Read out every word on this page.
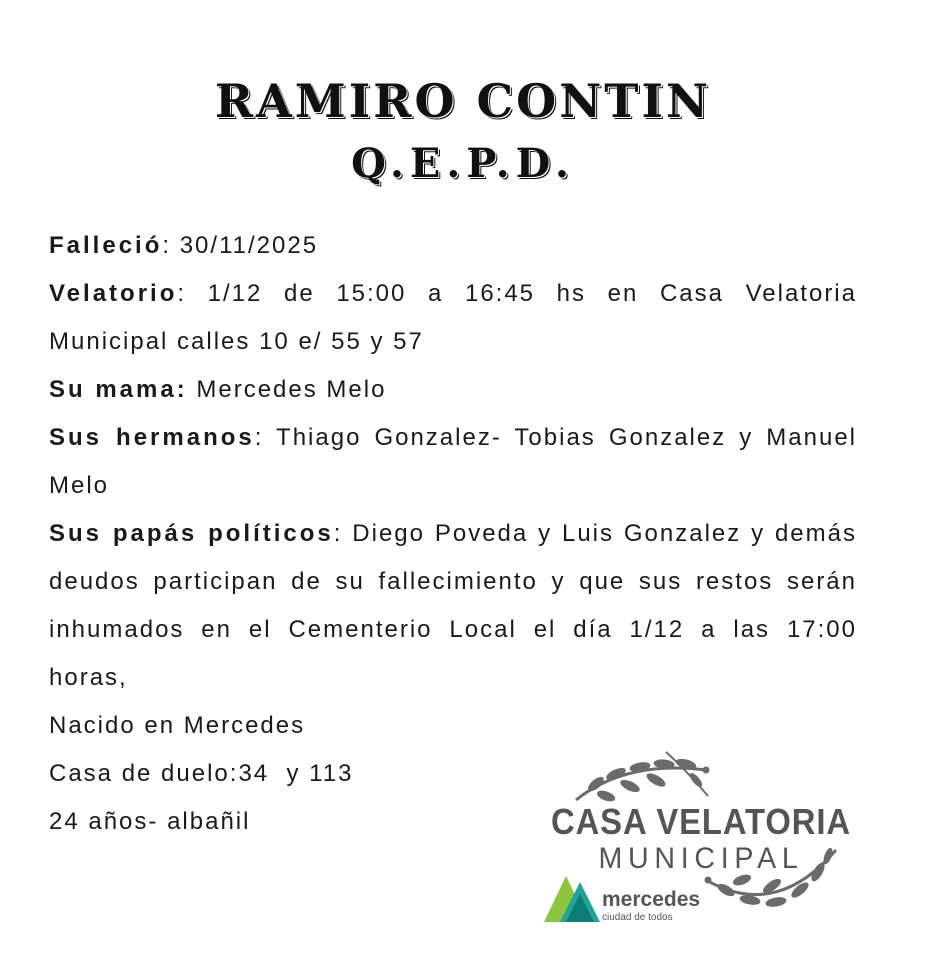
RAMIRO CONTIN
Q.E.P.D.

Falleció: 30/11/2025

Velatorio: 1/12 de 15:00 a 16:45 hs en Casa Velatoria Municipal calles 10 e/ 55 y 57

Su mama: Mercedes Melo

Sus hermanos: Thiago Gonzalez- Tobias Gonzalez y Manuel Melo

Sus papás políticos: Diego Poveda y Luis Gonzalez y demás deudos participan de su fallecimiento y que sus restos serán inhumados en el Cementerio Local el día 1/12 a las 17:00 horas,

Nacido en Mercedes

Casa de duelo:34  y 113

24 años- albañil	CASA VELATORIA
MUNICIPAL
mercedes
ciudad de todos
